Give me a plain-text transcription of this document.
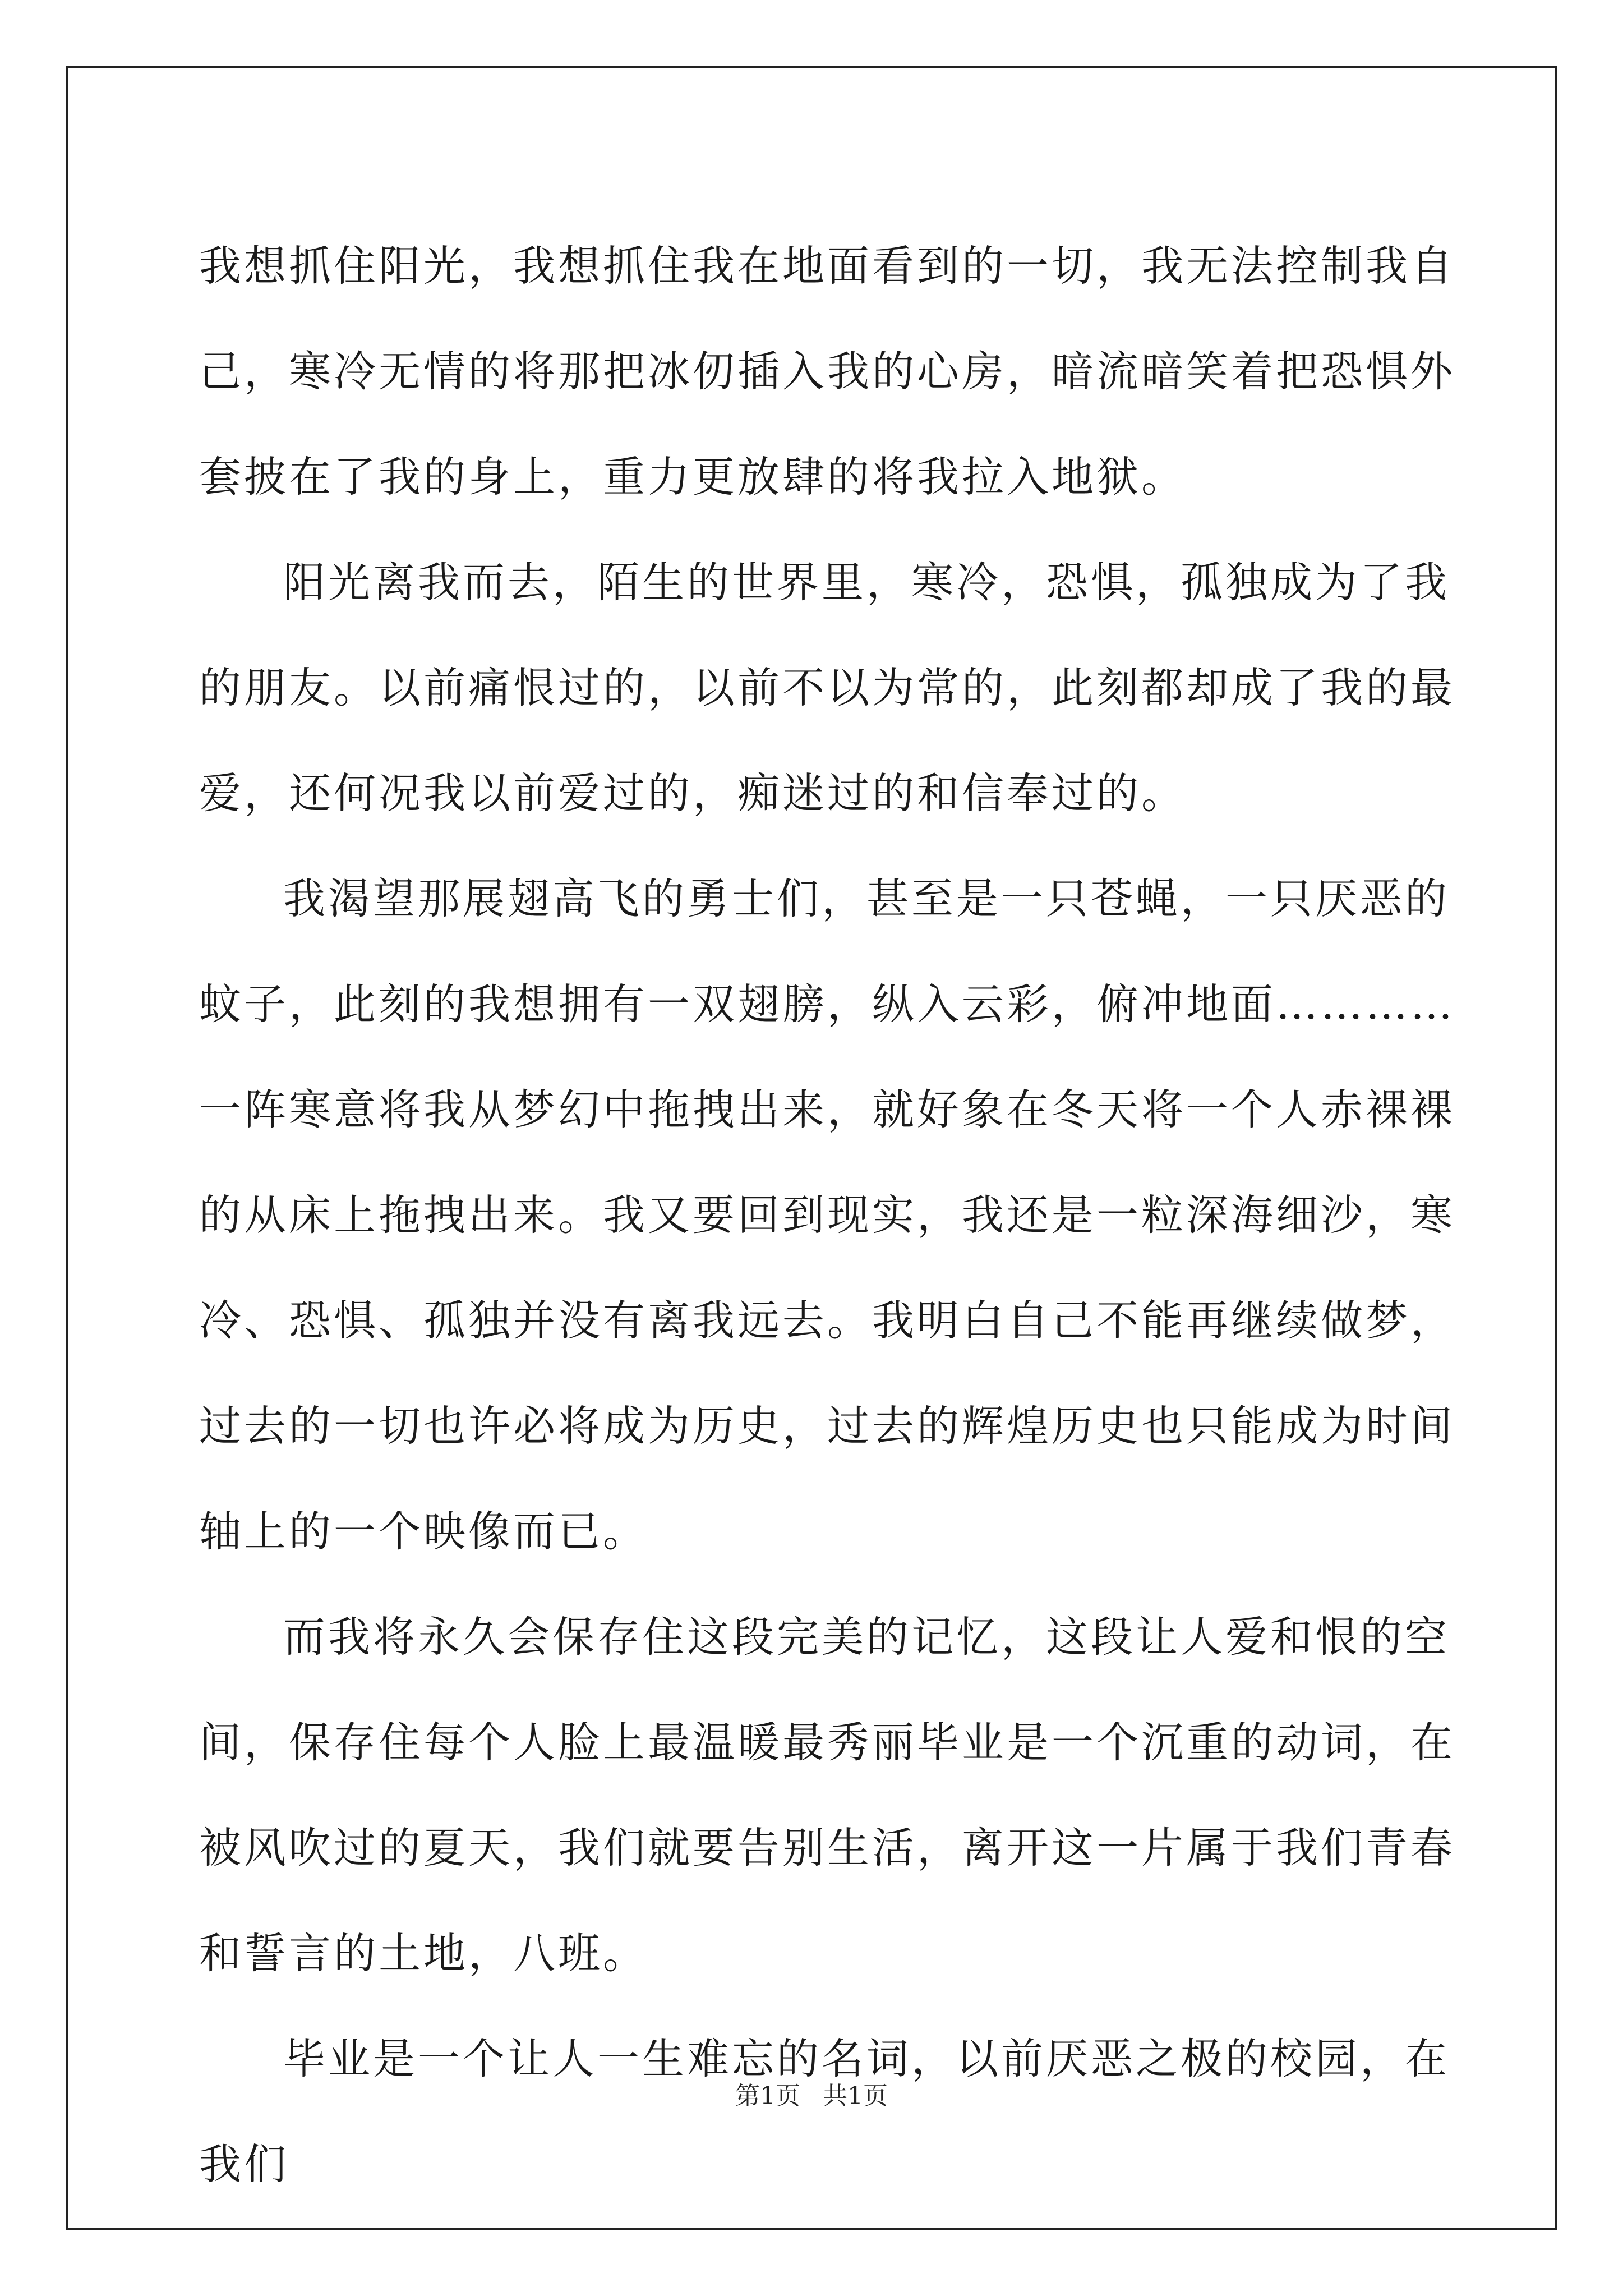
我想抓住阳光，我想抓住我在地面看到的一切，我无法控制我自己，寒冷无情的将那把冰仞插入我的心房，暗流暗笑着把恐惧外套披在了我的身上，重力更放肆的将我拉入地狱。

阳光离我而去，陌生的世界里，寒冷，恐惧，孤独成为了我的朋友。以前痛恨过的，以前不以为常的，此刻都却成了我的最爱，还何况我以前爱过的，痴迷过的和信奉过的。

我渴望那展翅高飞的勇士们，甚至是一只苍蝇，一只厌恶的蚊子，此刻的我想拥有一双翅膀，纵入云彩，俯冲地面…………一阵寒意将我从梦幻中拖拽出来，就好象在冬天将一个人赤裸裸的从床上拖拽出来。我又要回到现实，我还是一粒深海细沙，寒冷、恐惧、孤独并没有离我远去。我明白自己不能再继续做梦，过去的一切也许必将成为历史，过去的辉煌历史也只能成为时间轴上的一个映像而已。

而我将永久会保存住这段完美的记忆，这段让人爱和恨的空间，保存住每个人脸上最温暖最秀丽毕业是一个沉重的动词，在被风吹过的夏天，我们就要告别生活，离开这一片属于我们青春和誓言的土地，八班。

毕业是一个让人一生难忘的名词，以前厌恶之极的校园，在我们

第1页 共1页
